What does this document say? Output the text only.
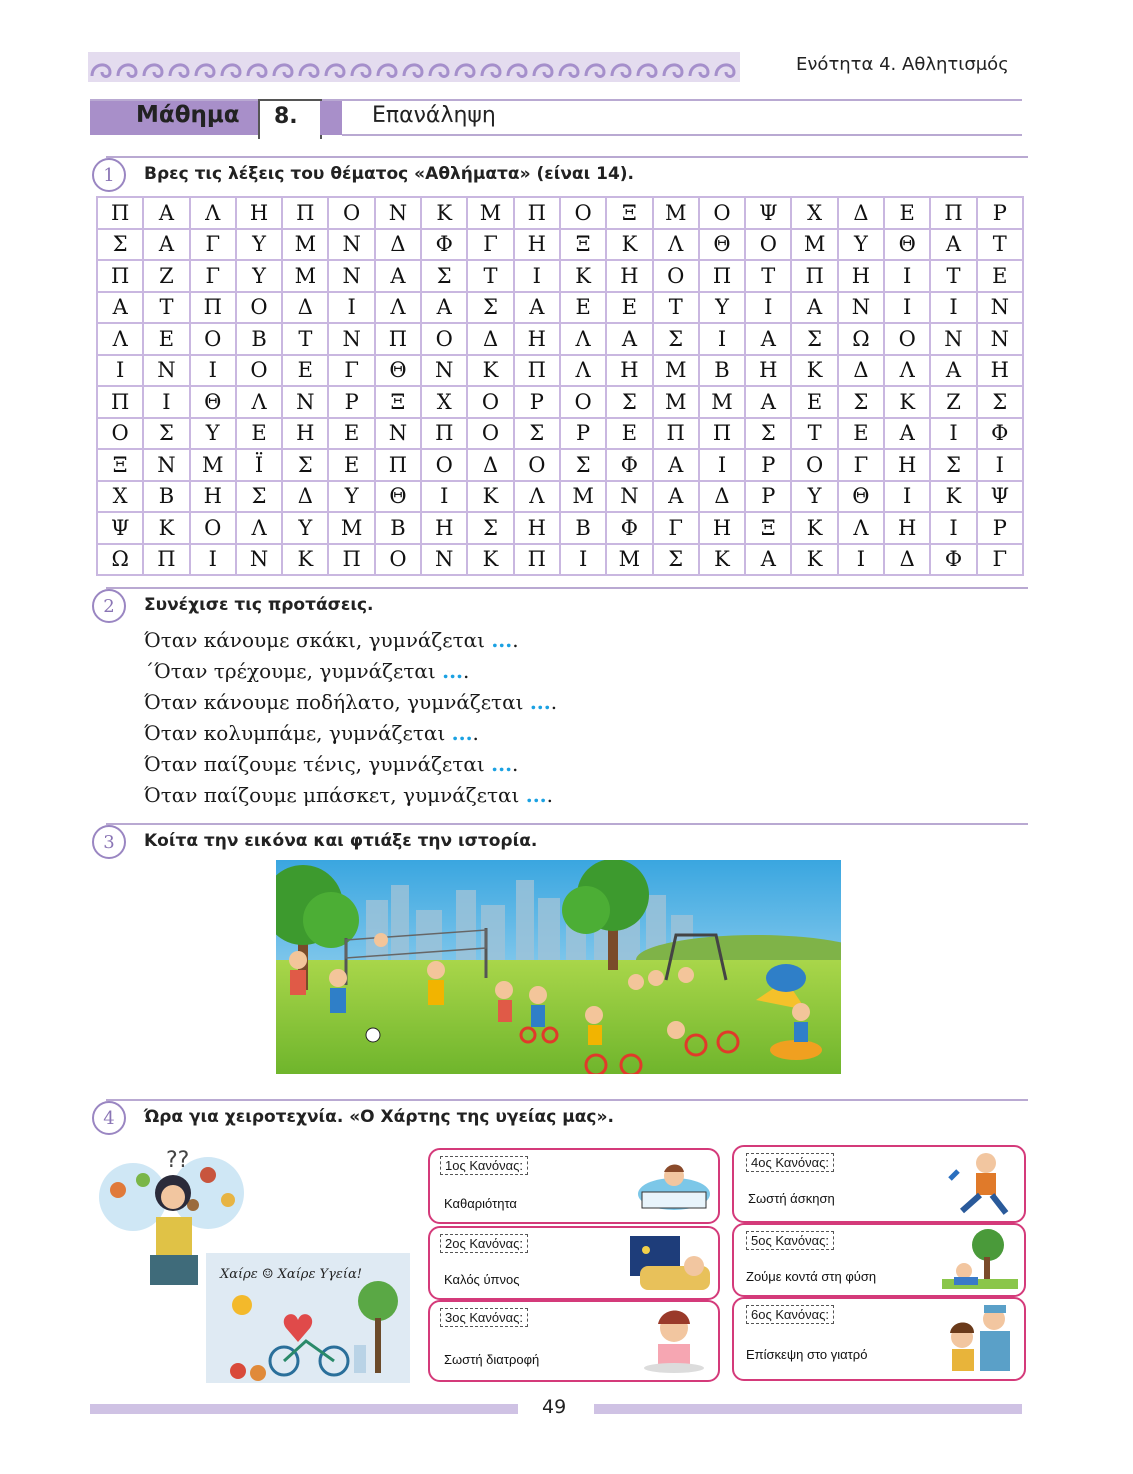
Ενότητα 4. Αθλητισμός
Μάθημα 8.	Επανάληψη
1 Βρες τις λέξεις του θέματος «Αθλήματα» (είναι 14).
Π	Α	Λ	Η	Π	Ο	Ν	Κ	Μ	Π	Ο	Ξ	Μ	Ο	Ψ	Χ	Δ	Ε	Π	Ρ
Σ	Α	Γ	Υ	Μ	Ν	Δ	Φ	Γ	Η	Ξ	Κ	Λ	Θ	Ο	Μ	Υ	Θ	Α	Τ
Π	Ζ	Γ	Υ	Μ	Ν	Α	Σ	Τ	Ι	Κ	Η	Ο	Π	Τ	Π	Η	Ι	Τ	Ε
Α	Τ	Π	Ο	Δ	Ι	Λ	Α	Σ	Α	Ε	Ε	Τ	Υ	Ι	Α	Ν	Ι	Ι	Ν
Λ	Ε	Ο	Β	Τ	Ν	Π	Ο	Δ	Η	Λ	Α	Σ	Ι	Α	Σ	Ω	Ο	Ν	Ν
Ι	Ν	Ι	Ο	Ε	Γ	Θ	Ν	Κ	Π	Λ	Η	Μ	Β	Η	Κ	Δ	Λ	Α	Η
Π	Ι	Θ	Λ	Ν	Ρ	Ξ	Χ	Ο	Ρ	Ο	Σ	Μ	Μ	Α	Ε	Σ	Κ	Ζ	Σ
Ο	Σ	Υ	Ε	Η	Ε	Ν	Π	Ο	Σ	Ρ	Ε	Π	Π	Σ	Τ	Ε	Α	Ι	Φ
Ξ	Ν	Μ	Ϊ	Σ	Ε	Π	Ο	Δ	Ο	Σ	Φ	Α	Ι	Ρ	Ο	Γ	Η	Σ	Ι
Χ	Β	Η	Σ	Δ	Υ	Θ	Ι	Κ	Λ	Μ	Ν	Α	Δ	Ρ	Υ	Θ	Ι	Κ	Ψ
Ψ	Κ	Ο	Λ	Υ	Μ	Β	Η	Σ	Η	Β	Φ	Γ	Η	Ξ	Κ	Λ	Η	Ι	Ρ
Ω	Π	Ι	Ν	Κ	Π	Ο	Ν	Κ	Π	Ι	Μ	Σ	Κ	Α	Κ	Ι	Δ	Φ	Γ
2 Συνέχισε τις προτάσεις.
Όταν κάνουμε σκάκι, γυμνάζεται ....
΄Όταν τρέχουμε, γυμνάζεται ....
Όταν κάνουμε ποδήλατο, γυμνάζεται ....
Όταν κολυμπάμε, γυμνάζεται ....
Όταν παίζουμε τένις, γυμνάζεται ....
Όταν παίζουμε μπάσκετ, γυμνάζεται ....
3 Κοίτα την εικόνα και φτιάξε την ιστορία.
4 Ώρα για χειροτεχνία. «Ο Χάρτης της υγείας μας».
??
Χαίρε ☺ Χαίρε Υγεία!
1ος Κανόνας:
Καθαριότητα
2ος Κανόνας:
Καλός ύπνος
3ος Κανόνας:
Σωστή διατροφή
4ος Κανόνας:
Σωστή άσκηση
5ος Κανόνας:
Ζούμε κοντά στη φύση
6ος Κανόνας:
Επίσκεψη στο γιατρό
49
